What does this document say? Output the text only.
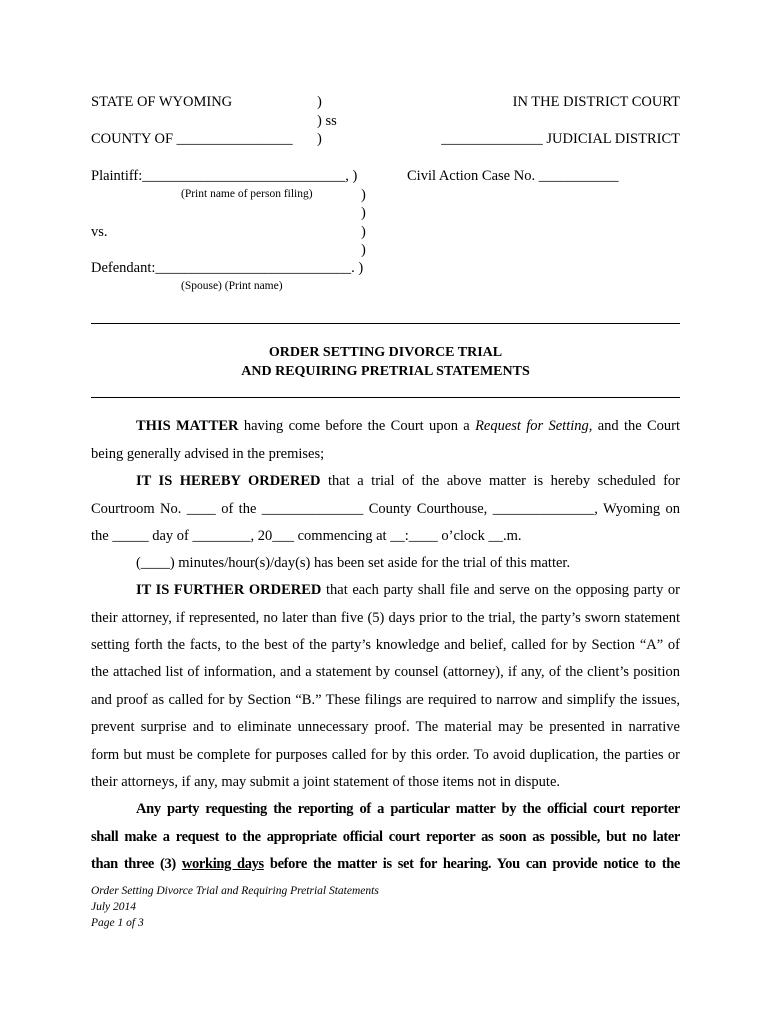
STATE OF WYOMING	)
) ss
COUNTY OF ________________ )
IN THE DISTRICT COURT
______________ JUDICIAL DISTRICT
Plaintiff:____________________________, )
(Print name of person filing)
Civil Action Case No. ___________
)
)
vs.	)
)
Defendant:___________________________. )
(Spouse) (Print name)
ORDER SETTING DIVORCE TRIAL
AND REQUIRING PRETRIAL STATEMENTS
THIS MATTER having come before the Court upon a Request for Setting, and the Court
being generally advised in the premises;
IT IS HEREBY ORDERED that a trial of the above matter is hereby scheduled for
Courtroom No. ____ of the ______________ County Courthouse, ______________, Wyoming on
the _____ day of ________, 20___ commencing at __:____ o’clock __.m.
(____) minutes/hour(s)/day(s) has been set aside for the trial of this matter.
IT IS FURTHER ORDERED that each party shall file and serve on the opposing party or
their attorney, if represented, no later than five (5) days prior to the trial, the party’s sworn statement
setting forth the facts, to the best of the party’s knowledge and belief, called for by Section “A” of
the attached list of information, and a statement by counsel (attorney), if any, of the client’s position
and proof as called for by Section “B.” These filings are required to narrow and simplify the issues,
prevent surprise and to eliminate unnecessary proof. The material may be presented in narrative
form but must be complete for purposes called for by this order. To avoid duplication, the parties or
their attorneys, if any, may submit a joint statement of those items not in dispute.
Any party requesting the reporting of a particular matter by the official court reporter
shall make a request to the appropriate official court reporter as soon as possible, but no later
than three (3) working days before the matter is set for hearing. You can provide notice to the
Order Setting Divorce Trial and Requiring Pretrial Statements
July 2014
Page 1 of 3
